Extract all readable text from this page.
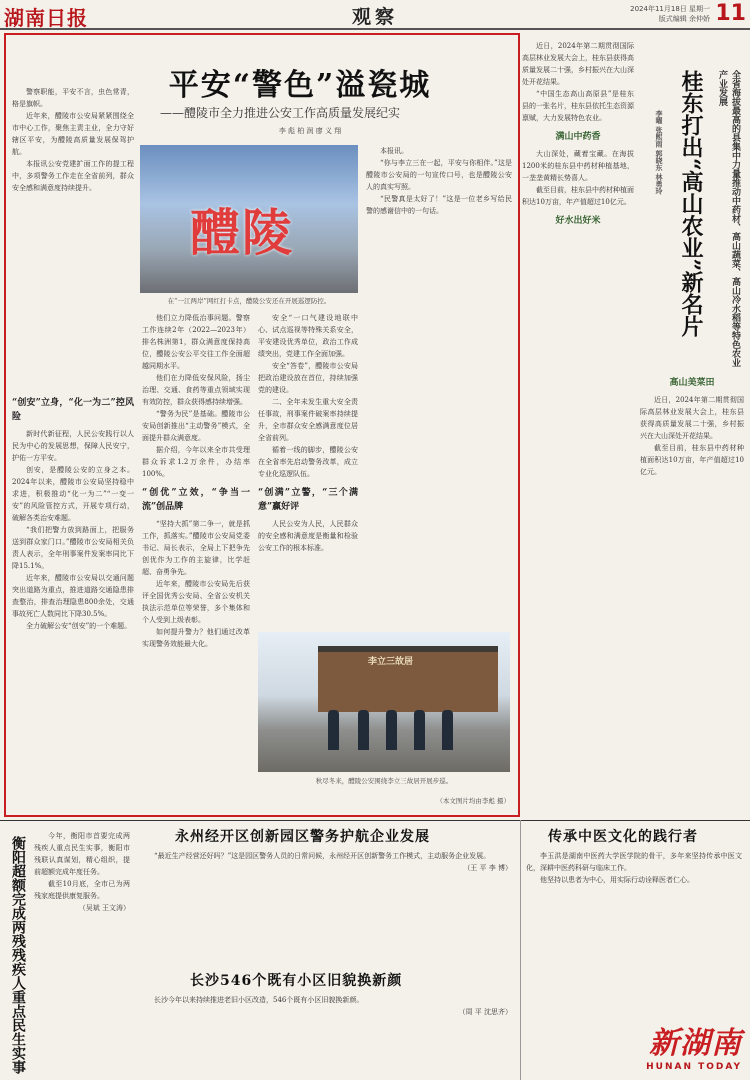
湖南日报	观察	2024年11月18日 星期一
版式编辑 余仲娇 11

警察职能，平安不言，虫色常青，格是旗帜。

近年来，醴陵市公安局紧紧围绕全市中心工作，聚焦主责主业，全力守好辖区平安，为醴陵高质量发展保驾护航。

本报讯公安党建扩面工作的提工程中，多项警务工作走在全省前列，群众安全感和满意度持续提升。

平安“警色”溢瓷城
——醴陵市全力推进公安工作高质量发展纪实
李 彪 柏 润 廖 义 翔
醴陵
在“一江两岸”网红打卡点，醴陵公安还在开展巡逻防控。
“创安”立身，“化一为二”控风险

新时代新征程，人民公安践行以人民为中心的发展思想，保障人民安宁，护佑一方平安。

创安，是醴陵公安的立身之本。2024年以来，醴陵市公安局坚持稳中求进，积极推动“化一为二”“一变一安”的风险管控方式，开展专项行动，破解各类治安难题。

“我们把警力放到路面上，把服务送到群众家门口。”醴陵市公安局相关负责人表示，全年刑事案件发案率同比下降15.1%。

近年来，醴陵市公安局以交通问题突出道路为重点，推进道路交通隐患排查整治，排查治理隐患800余处，交通事故死亡人数同比下降30.5%。

全力破解公安“创安”的一个难题。

他们立力降低治事问题。警察工作连续2年（2022—2023年）排名株洲第1，群众满意度保持高位，醴陵公安公平交往工作全面超越同期水平。

他们在力降低安保风险，扬尘治理、交通、食药等重点领域实现有效防控，群众获得感持续增强。

“警务为民”是基础。醴陵市公安局创新推出“主动警务”模式，全面提升群众满意度。

据介绍，今年以来全市共受理群众诉求1.2万余件，办结率100%。

“创优”立效，“争当一流”创品牌

“坚持大抓”第二争一，就是抓工作，抓落实。”醴陵市公安局党委书记、局长表示，全局上下把争先创优作为工作的主旋律，比学赶超、奋勇争先。

近年来，醴陵市公安局先后获评全国优秀公安局、全省公安机关执法示范单位等荣誉，多个集体和个人受到上级表彰。

如何提升警力？他们通过改革实现警务效能最大化。

安全“一口气建设地联中心、试点巡视等特殊关系安全，平安建设优秀单位，政治工作成绩突出，党建工作全面加强。

安全“答卷”，醴陵市公安局把政治建设放在首位，持续加强党的建设。

二、全年未发生重大安全责任事故，刑事案件破案率持续提升，全市群众安全感满意度位居全省前列。

循着一线的脚步，醴陵公安在全省率先启动警务改革，成立专业化巡逻队伍。

“创满”立警，“三个满意”赢好评

人民公安为人民，人民群众的安全感和满意度是衡量和检验公安工作的根本标准。

本报讯。

“你与李立三在一起，平安与你相伴。”这是醴陵市公安局的一句宣传口号，也是醴陵公安人的真实写照。

“民警真是太好了！”这是一位老乡写给民警的感谢信中的一句话。

李立三故居
秋尽冬来，醴陵公安围绕李立三故居开展步巡。
（本文图片均由李彪 摄）

近日，2024年第二期贯彻国际高层林业发展大会上，桂东县获得高质量发展二十强，乡村振兴在大山深处开花结果。

“中国生态高山高原县”是桂东县的一张名片，桂东县依托生态资源禀赋，大力发展特色农业。

满山中药香

大山深处，藏着宝藏。在海拔1200米的桂东县中药材种植基地，一垄垄黄精长势喜人。

截至目前，桂东县中药材种植面积达10万亩，年产值超过10亿元。

好水出好米	桂东打出“高山农业”新名片	全省海拔最高的县集中力量推动中药材、高山蔬菜、高山冷水稻等特色农业产业发展
李曜 张熙雨 郭晓东 林勇玲
高山美菜田

近日，2024年第二期贯彻国际高层林业发展大会上，桂东县获得高质量发展二十强，乡村振兴在大山深处开花结果。

截至目前，桂东县中药材种植面积达10万亩，年产值超过10亿元。

衡阳超额完成两残残疾人重点民生实事	今年，衡阳市首要完成两残疾人重点民生实事，衡阳市残联认真谋划，精心组织，提前超额完成年度任务。

截至10月底，全市已为两残家庭提供康复服务。

（吴斌 王文涛）
永州经开区创新园区警务护航企业发展

“最近生产经营还好吗？”这是园区警务人员的日常问候，永州经开区创新警务工作模式，主动服务企业发展。

（王 平 李 博）
长沙546个既有小区旧貌换新颜

长沙今年以来持续推进老旧小区改造，546个既有小区旧貌换新颜。

（周 平 沈思齐）
传承中医文化的践行者

李玉洪是湖南中医药大学医学院的骨干，多年来坚持传承中医文化，深耕中医药科研与临床工作。

他坚持以患者为中心，用实际行动诠释医者仁心。

新湖南
HUNAN TODAY
